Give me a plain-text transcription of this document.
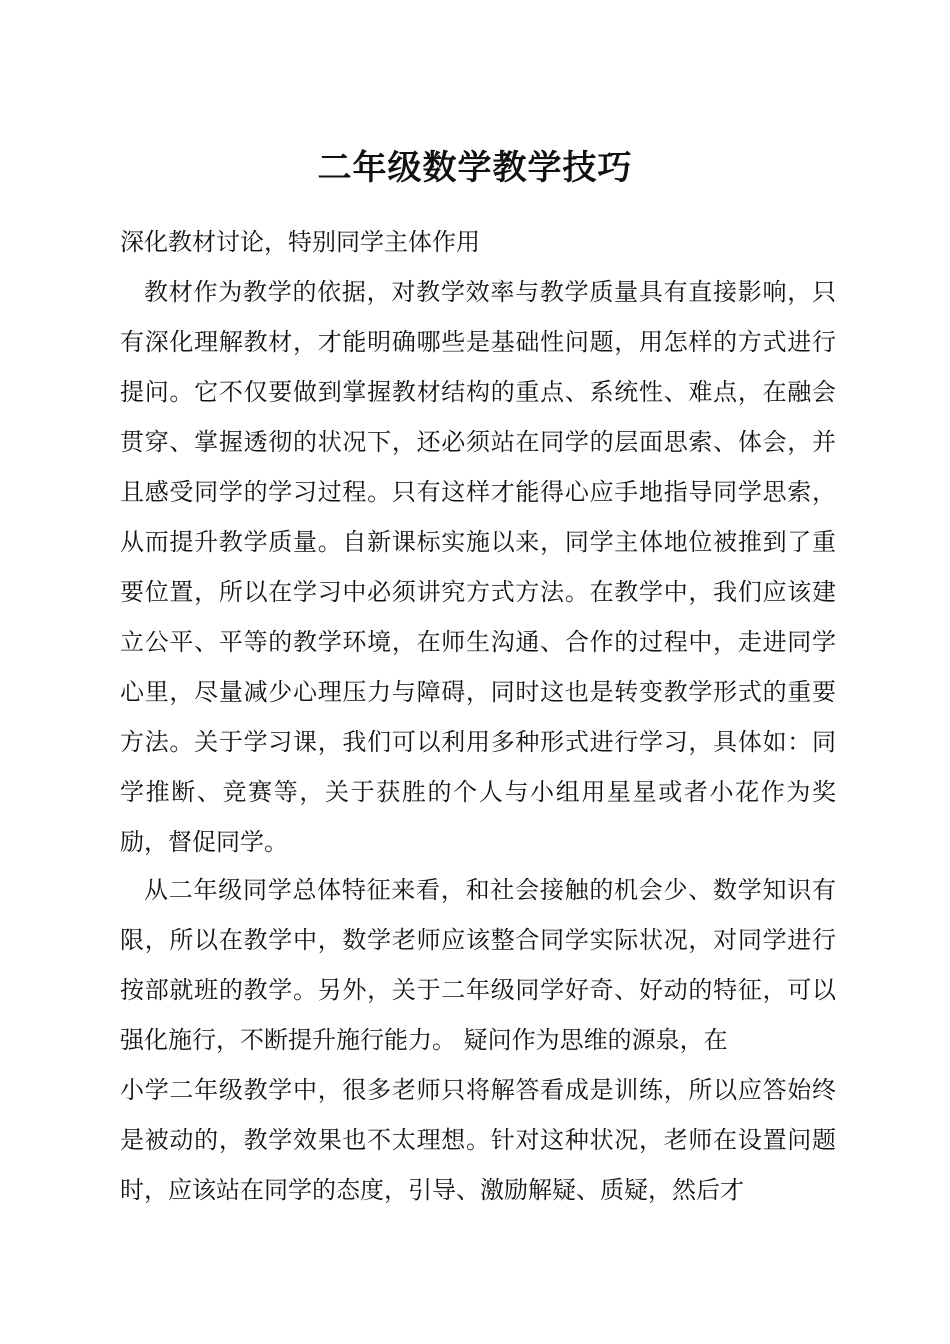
二年级数学教学技巧
深化教材讨论，特别同学主体作用
教材作为教学的依据，对教学效率与教学质量具有直接影响，只有深化理解教材，才能明确哪些是基础性问题，用怎样的方式进行提问。它不仅要做到掌握教材结构的重点、系统性、难点，在融会贯穿、掌握透彻的状况下，还必须站在同学的层面思索、体会，并且感受同学的学习过程。只有这样才能得心应手地指导同学思索，从而提升教学质量。自新课标实施以来，同学主体地位被推到了重要位置，所以在学习中必须讲究方式方法。在教学中，我们应该建立公平、平等的教学环境，在师生沟通、合作的过程中，走进同学心里，尽量减少心理压力与障碍，同时这也是转变教学形式的重要方法。关于学习课，我们可以利用多种形式进行学习，具体如：同学推断、竞赛等，关于获胜的个人与小组用星星或者小花作为奖励，督促同学。
从二年级同学总体特征来看，和社会接触的机会少、数学知识有限，所以在教学中，数学老师应该整合同学实际状况，对同学进行按部就班的教学。另外，关于二年级同学好奇、好动的特征，可以强化施行，不断提升施行能力。 疑问作为思维的源泉，在
小学二年级教学中，很多老师只将解答看成是训练，所以应答始终是被动的，教学效果也不太理想。针对这种状况，老师在设置问题时，应该站在同学的态度，引导、激励解疑、质疑，然后才
